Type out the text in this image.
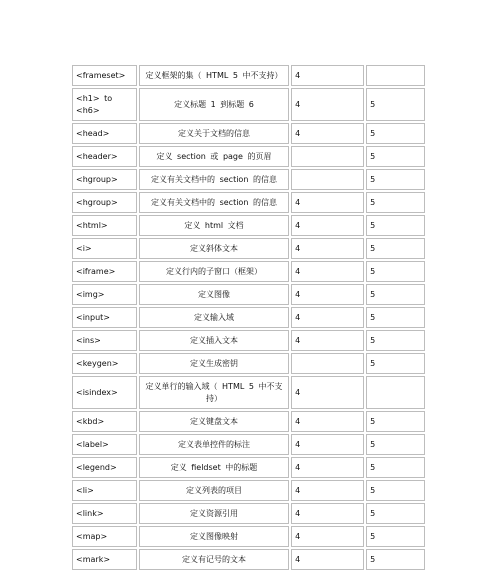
<frameset>	定义框架的集（ HTML 5 中不支持）	4	
<h1> to <h6>	定义标题 1 到标题 6	4	5
<head>	定义关于文档的信息	4	5
<header>	定义 section 或 page 的页眉		5
<hgroup>	定义有关文档中的 section 的信息		5
<hgroup>	定义有关文档中的 section 的信息	4	5
<html>	定义 html 文档	4	5
<i>	定义斜体文本	4	5
<iframe>	定义行内的子窗口（框架）	4	5
<img>	定义图像	4	5
<input>	定义输入域	4	5
<ins>	定义插入文本	4	5
<keygen>	定义生成密钥		5
<isindex>	定义单行的输入域（ HTML 5 中不支持）	4	
<kbd>	定义键盘文本	4	5
<label>	定义表单控件的标注	4	5
<legend>	定义 fieldset 中的标题	4	5
<li>	定义列表的项目	4	5
<link>	定义资源引用	4	5
<map>	定义图像映射	4	5
<mark>	定义有记号的文本	4	5
